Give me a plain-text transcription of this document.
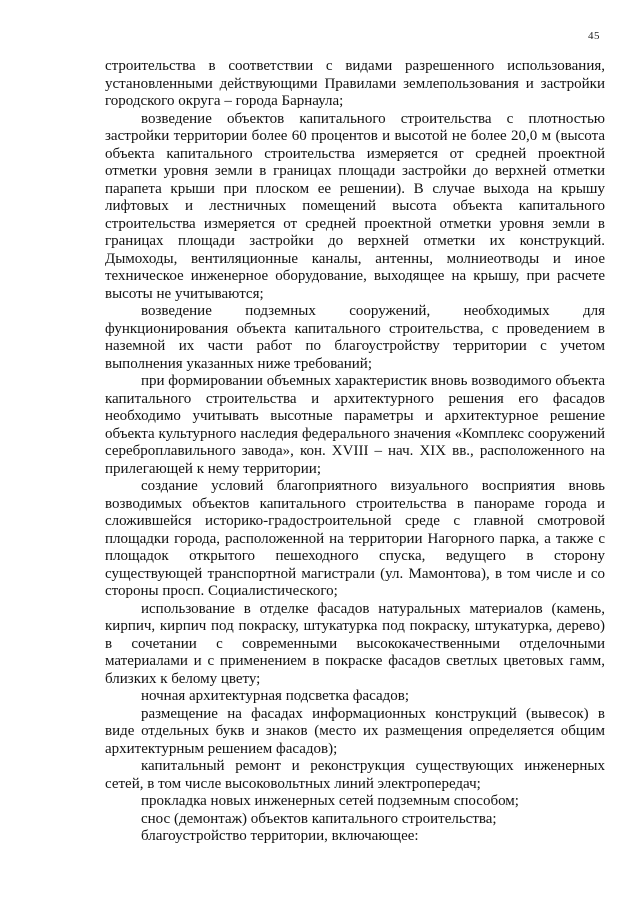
45

строительства в соответствии с видами разрешенного использования, установленными действующими Правилами землепользования и застройки городского округа – города Барнаула;

возведение объектов капитального строительства с плотностью застройки территории более 60 процентов и высотой не более 20,0 м (высота объекта капитального строительства измеряется от средней проектной отметки уровня земли в границах площади застройки до верхней отметки парапета крыши при плоском ее решении). В случае выхода на крышу лифтовых и лестничных помещений высота объекта капитального строительства измеряется от средней проектной отметки уровня земли в границах площади застройки до верхней отметки их конструкций. Дымоходы, вентиляционные каналы, антенны, молниеотводы и иное техническое инженерное оборудование, выходящее на крышу, при расчете высоты не учитываются;

возведение подземных сооружений, необходимых для функционирования объекта капитального строительства, с проведением в наземной их части работ по благоустройству территории с учетом выполнения указанных ниже требований;

при формировании объемных характеристик вновь возводимого объекта капитального строительства и архитектурного решения его фасадов необходимо учитывать высотные параметры и архитектурное решение объекта культурного наследия федерального значения «Комплекс сооружений сереброплавильного завода», кон. XVIII – нач. XIX вв., расположенного на прилегающей к нему территории;

создание условий благоприятного визуального восприятия вновь возводимых объектов капитального строительства в панораме города и сложившейся историко-градостроительной среде с главной смотровой площадки города, расположенной на территории Нагорного парка, а также с площадок открытого пешеходного спуска, ведущего в сторону существующей транспортной магистрали (ул. Мамонтова), в том числе и со стороны просп. Социалистического;

использование в отделке фасадов натуральных материалов (камень, кирпич, кирпич под покраску, штукатурка под покраску, штукатурка, дерево) в сочетании с современными высококачественными отделочными материалами и с применением в покраске фасадов светлых цветовых гамм, близких к белому цвету;

ночная архитектурная подсветка фасадов;

размещение на фасадах информационных конструкций (вывесок) в виде отдельных букв и знаков (место их размещения определяется общим архитектурным решением фасадов);

капитальный ремонт и реконструкция существующих инженерных сетей, в том числе высоковольтных линий электропередач;

прокладка новых инженерных сетей подземным способом;

снос (демонтаж) объектов капитального строительства;

благоустройство территории, включающее:
